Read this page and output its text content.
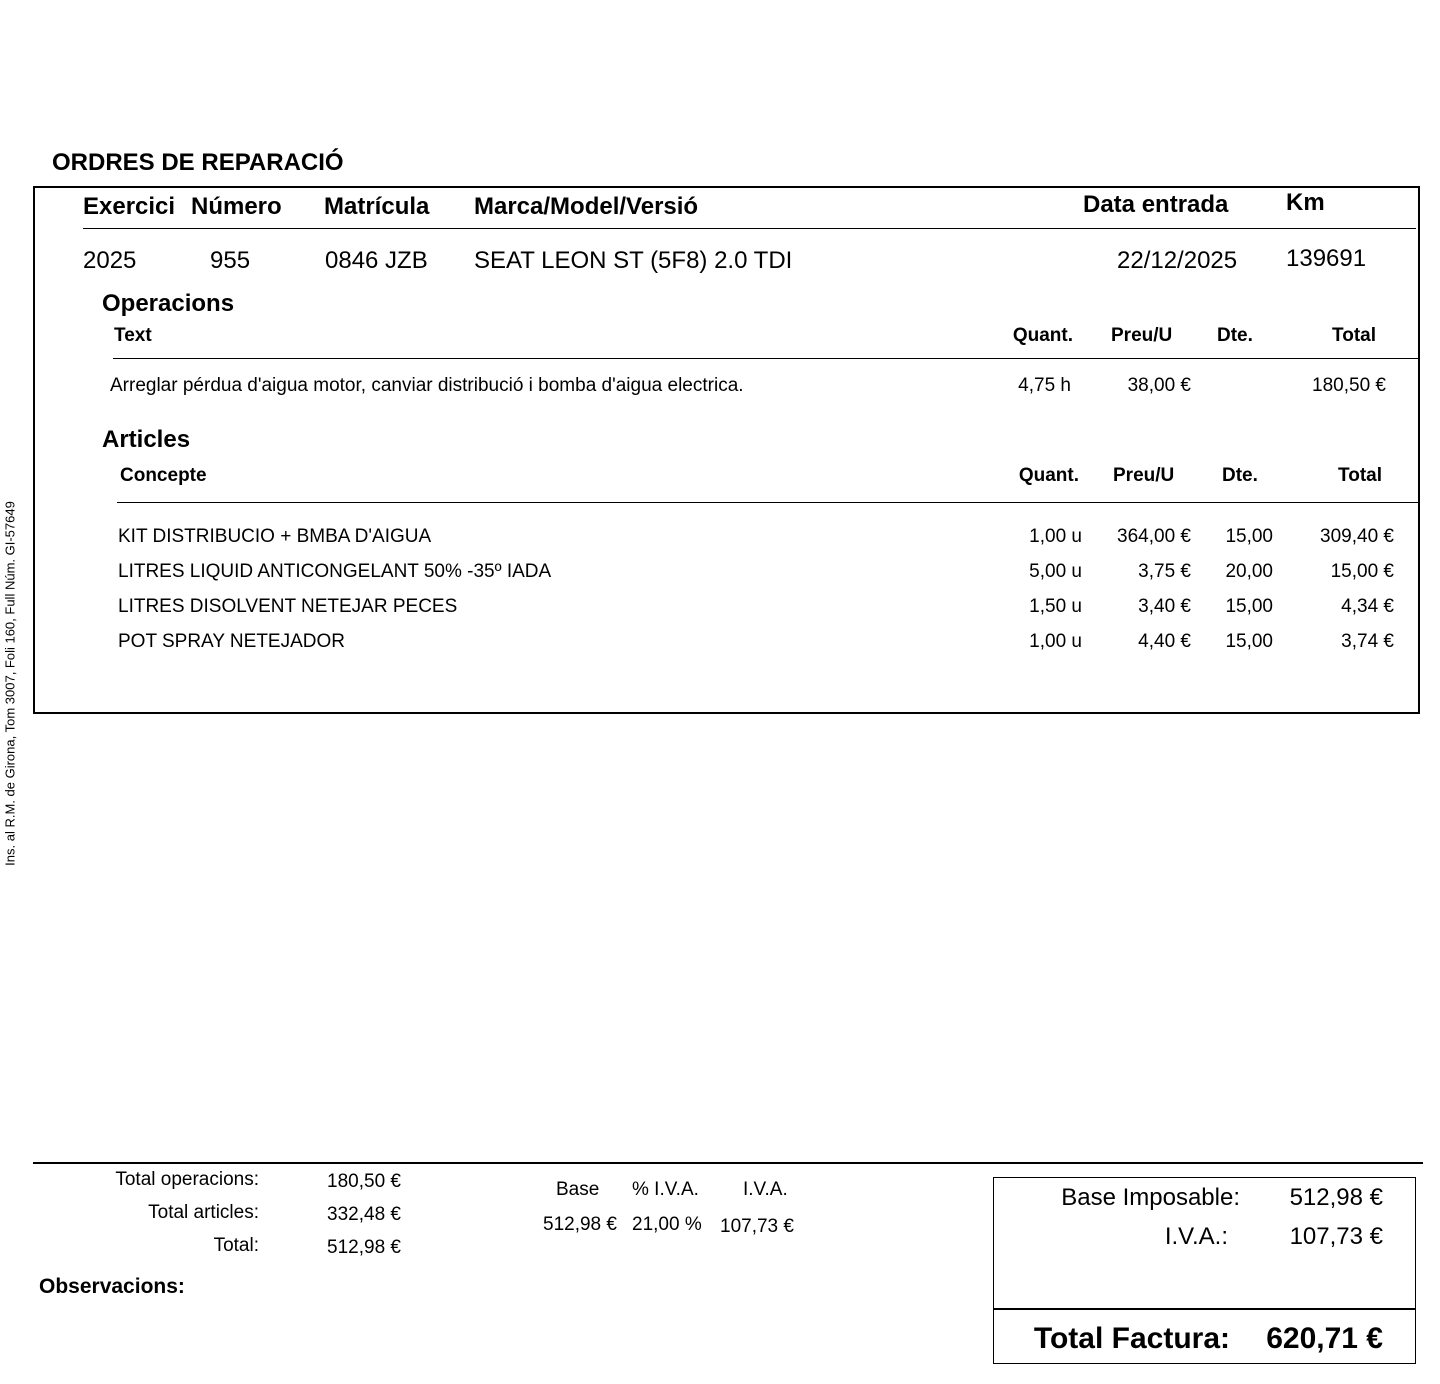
Ins. al R.M. de Girona, Tom 3007, Foli 160, Full Núm. GI-57649
ORDRES DE REPARACIÓ
Exercici Número Matrícula Marca/Model/Versió	Data entrada Km
2025	955	0846 JZB SEAT LEON ST (5F8) 2.0 TDI	22/12/2025 139691
Operacions
Text	Quant. Preu/U Dte.	Total
Arreglar pérdua d'aigua motor, canviar distribució i bomba d'aigua electrica.	4,75 h	38,00 €	180,50 €
Articles
Concepte	Quant. Preu/U	Dte.	Total
KIT DISTRIBUCIO + BMBA D'AIGUA	1,00 u	364,00 €	15,00	309,40 €
LITRES LIQUID ANTICONGELANT 50% -35º IADA	5,00 u	3,75 €	20,00	15,00 €
LITRES DISOLVENT NETEJAR PECES	1,50 u	3,40 €	15,00	4,34 €
POT SPRAY NETEJADOR	1,00 u	4,40 €	15,00	3,74 €
Total operacions:	180,50 €
Total articles:	332,48 €
Total:	512,98 €
Base % I.V.A. I.V.A.
512,98 € 21,00 % 107,73 €
Observacions:
Base Imposable:	512,98 €
I.V.A.:	107,73 €
Total Factura:	620,71 €
